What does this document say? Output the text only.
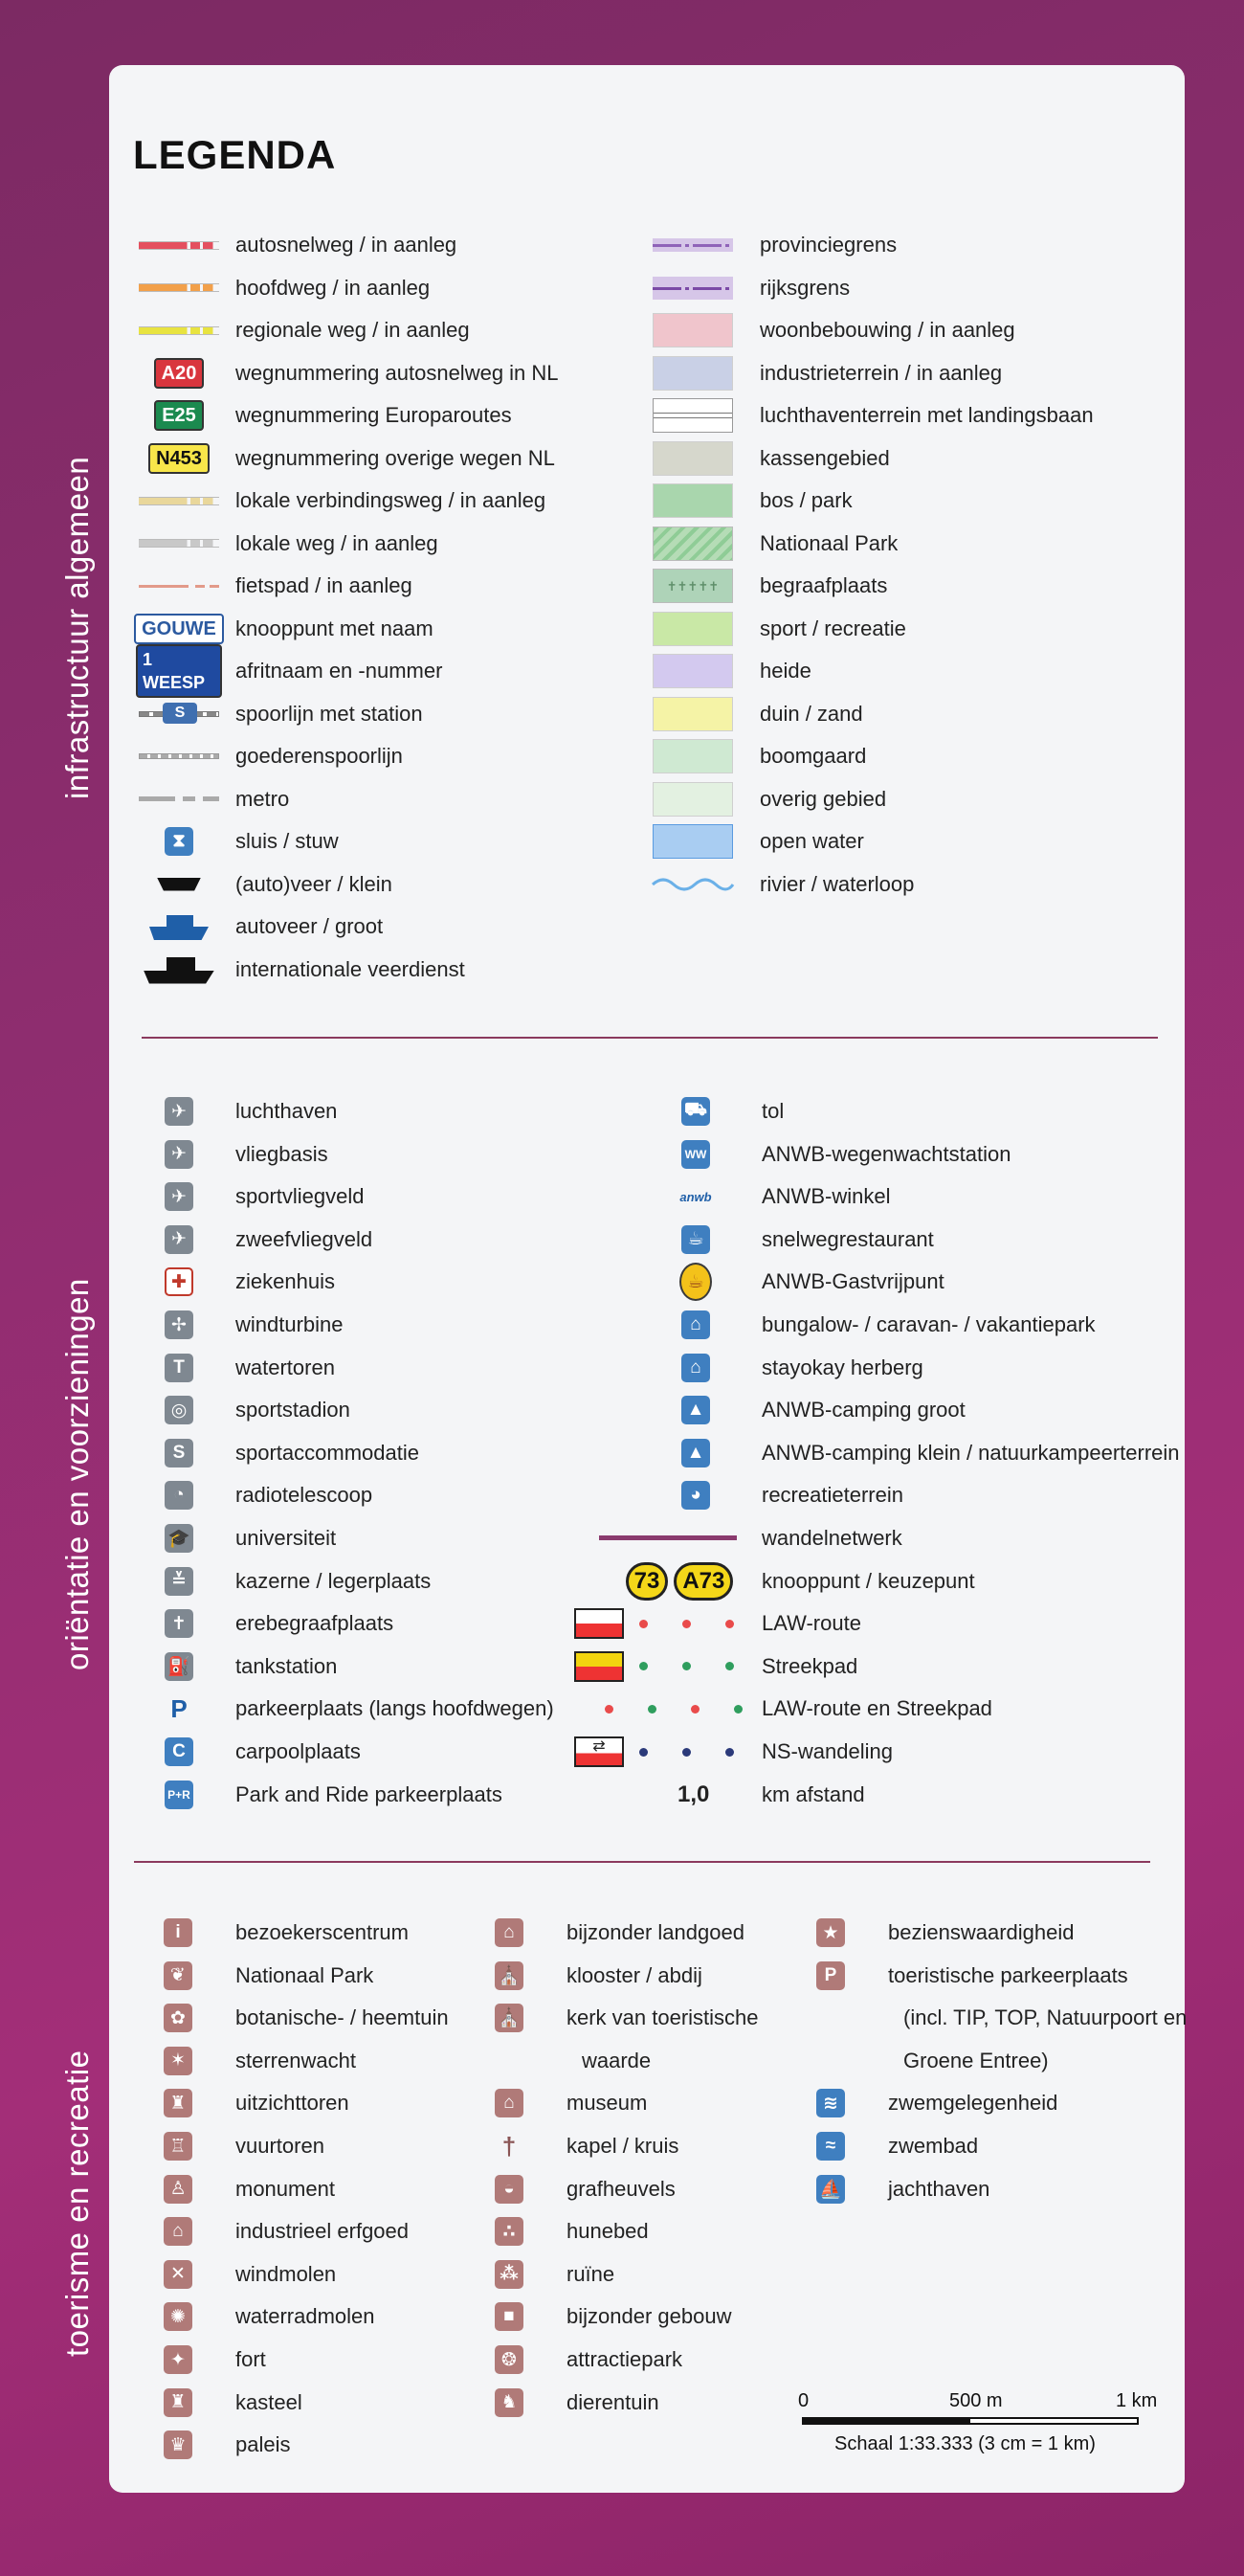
infrastructuur algemeen
oriëntatie en voorzieningen
toerisme en recreatie
LEGENDA
autosnelweg / in aanleg
hoofdweg / in aanleg
regionale weg / in aanleg
A20	wegnummering autosnelweg in NL
E25	wegnummering Europaroutes
N453	wegnummering overige wegen NL
lokale verbindingsweg / in aanleg
lokale weg / in aanleg
fietspad / in aanleg
GOUWE knooppunt met naam
1 WEESP	afritnaam en -nummer
S	spoorlijn met station
goederenspoorlijn
metro
⧗	sluis / stuw
(auto)veer / klein
autoveer / groot
internationale veerdienst
provinciegrens
rijksgrens
woonbebouwing / in aanleg
industrieterrein / in aanleg
luchthaventerrein met landingsbaan
kassengebied
bos / park
Nationaal Park
✝✝✝✝✝	begraafplaats
sport / recreatie
heide
duin / zand
boomgaard
overig gebied
open water
rivier / waterloop
✈	luchthaven
✈	vliegbasis
✈	sportvliegveld
✈	zweefvliegveld
✚	ziekenhuis
✢	windturbine
T	watertoren
◎	sportstadion
S	sportaccommodatie
◔	radiotelescoop
🎓 universiteit
≚	kazerne / legerplaats
✝	erebegraafplaats
⛽ tankstation
P parkeerplaats (langs hoofdwegen)
C	carpoolplaats
P+R Park and Ride parkeerplaats
⛟	tol
WW	ANWB-wegenwachtstation
anwb ANWB-winkel
☕	snelwegrestaurant
☕	ANWB-Gastvrijpunt
⌂	bungalow- / caravan- / vakantiepark
⌂	stayokay herberg
▲	ANWB-camping groot
▲	ANWB-camping klein / natuurkampeerterrein
◕	recreatieterrein
wandelnetwerk
73	A73	knooppunt / keuzepunt
LAW-route
Streekpad
LAW-route en Streekpad
⇄	NS-wandeling
1,0 km afstand
i	bezoekerscentrum
❦	Nationaal Park
✿	botanische- / heemtuin
✶	sterrenwacht
♜ uitzichttoren
♖ vuurtoren
♙ monument
⌂	industrieel erfgoed
✕	windmolen
✺	waterradmolen
✦	fort
♜ kasteel
♛ paleis
⌂	bijzonder landgoed
⛪ klooster / abdij
⛪ kerk van toeristische
waarde
⌂	museum
†	kapel / kruis
◒	grafheuvels
∴	hunebed
⁂ ruïne
■	bijzonder gebouw
❂	attractiepark
♞ dierentuin
★ bezienswaardigheid
P	toeristische parkeerplaats
(incl. TIP, TOP, Natuurpoort en
Groene Entree)
≋	zwemgelegenheid
≈	zwembad
⛵ jachthaven
0	500 m	1 km
Schaal 1:33.333 (3 cm = 1 km)
